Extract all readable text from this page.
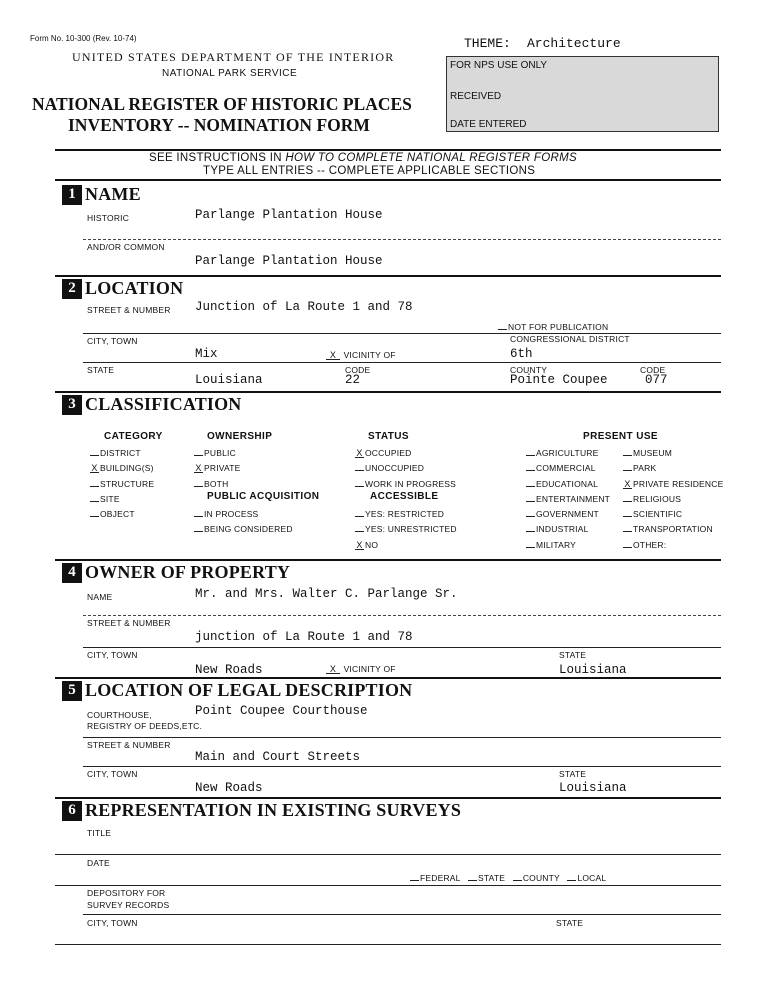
Form No. 10-300 (Rev. 10-74)
UNITED STATES DEPARTMENT OF THE INTERIOR
NATIONAL PARK SERVICE
NATIONAL REGISTER OF HISTORIC PLACES
INVENTORY -- NOMINATION FORM
THEME: Architecture
FOR NPS USE ONLY
RECEIVED
DATE ENTERED
SEE INSTRUCTIONS IN HOW TO COMPLETE NATIONAL REGISTER FORMS
TYPE ALL ENTRIES -- COMPLETE APPLICABLE SECTIONS
1 NAME
HISTORIC	Parlange Plantation House
AND/OR COMMON
Parlange Plantation House
2 LOCATION
STREET & NUMBER Junction of La Route 1 and 78
NOT FOR PUBLICATION
CITY, TOWN	CONGRESSIONAL DISTRICT
Mix	X VICINITY OF	6th
STATE	CODE	COUNTY	CODE
Louisiana	22	Pointe Coupee	077
3 CLASSIFICATION
CATEGORY	OWNERSHIP	STATUS	PRESENT USE
PUBLIC ACQUISITION	ACCESSIBLE
DISTRICT
X BUILDING(S)
STRUCTURE
SITE
OBJECT
PUBLIC
X PRIVATE
BOTH
IN PROCESS
BEING CONSIDERED
X OCCUPIED
UNOCCUPIED
WORK IN PROGRESS
YES: RESTRICTED
YES: UNRESTRICTED
X NO
AGRICULTURE
COMMERCIAL
EDUCATIONAL
ENTERTAINMENT
GOVERNMENT
INDUSTRIAL
MILITARY
MUSEUM
PARK
X PRIVATE RESIDENCE
RELIGIOUS
SCIENTIFIC
TRANSPORTATION
OTHER:
4 OWNER OF PROPERTY
NAME	Mr. and Mrs. Walter C. Parlange Sr.
STREET & NUMBER
junction of La Route 1 and 78
CITY, TOWN	STATE
New Roads	X VICINITY OF	Louisiana
5 LOCATION OF LEGAL DESCRIPTION
COURTHOUSE,
REGISTRY OF DEEDS,ETC.
Point Coupee Courthouse
STREET & NUMBER
Main and Court Streets
CITY, TOWN	STATE
New Roads	Louisiana
6 REPRESENTATION IN EXISTING SURVEYS
TITLE
DATE
FEDERAL STATE COUNTY LOCAL
DEPOSITORY FOR
SURVEY RECORDS
CITY, TOWN	STATE
